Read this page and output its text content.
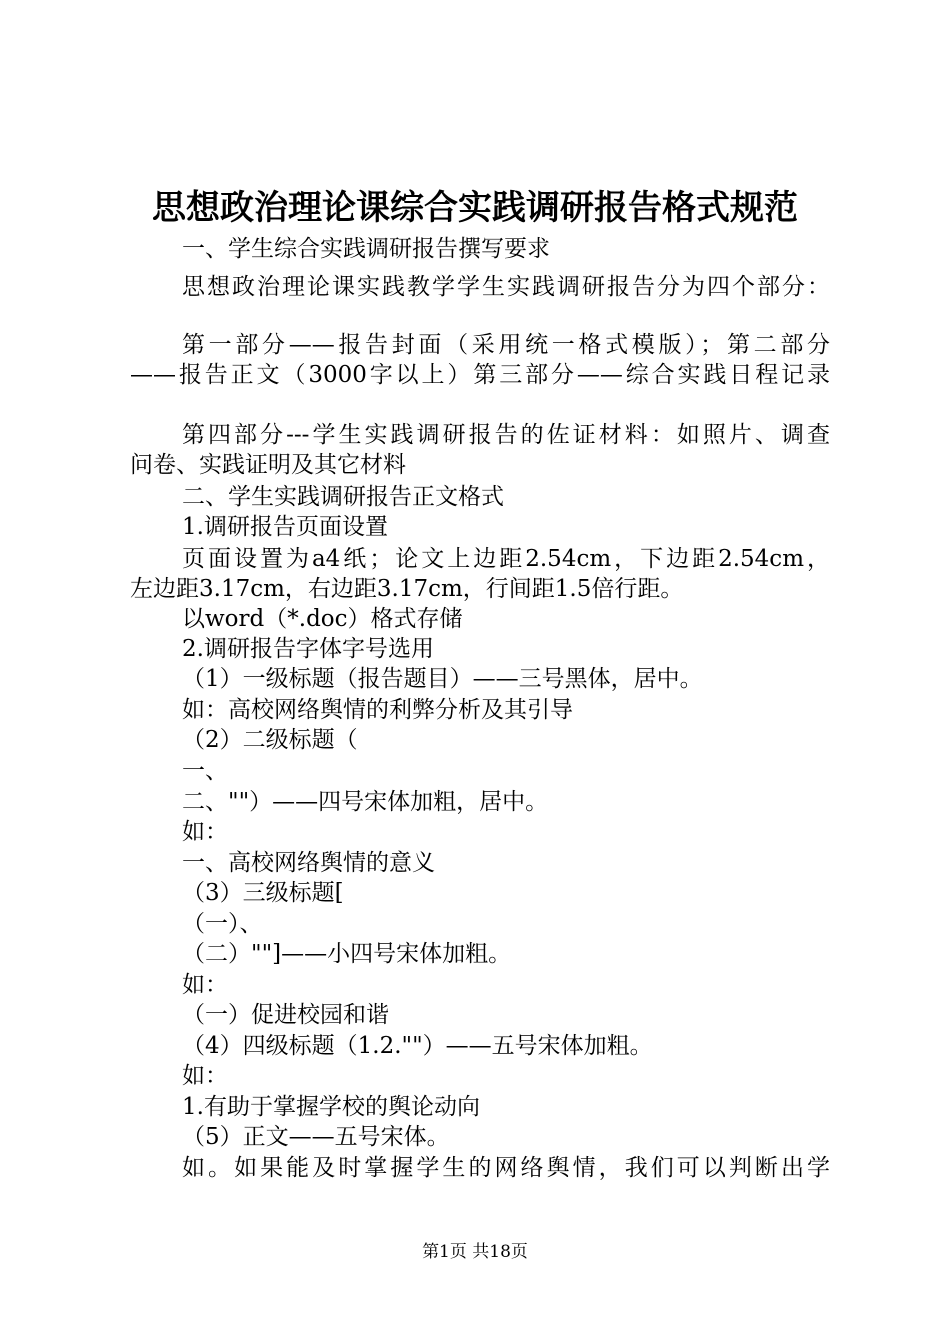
思想政治理论课综合实践调研报告格式规范
一、学生综合实践调研报告撰写要求
思想政治理论课实践教学学生实践调研报告分为四个部分：
第一部分——报告封面（采用统一格式模版）；第二部分
——报告正文（3000字以上）第三部分——综合实践日程记录
第四部分---学生实践调研报告的佐证材料：如照片、调查
问卷、实践证明及其它材料
二、学生实践调研报告正文格式
1.调研报告页面设置
页面设置为a4纸；论文上边距2.54cm，下边距2.54cm，
左边距3.17cm，右边距3.17cm，行间距1.5倍行距。
以word（*.doc）格式存储
2.调研报告字体字号选用
（1）一级标题（报告题目）——三号黑体，居中。
如：高校网络舆情的利弊分析及其引导
（2）二级标题（
一、
二、""）——四号宋体加粗，居中。
如：
一、高校网络舆情的意义
（3）三级标题[
（一）、
（二）""]——小四号宋体加粗。
如：
（一）促进校园和谐
（4）四级标题（1.2.""）——五号宋体加粗。
如：
1.有助于掌握学校的舆论动向
（5）正文——五号宋体。
如。如果能及时掌握学生的网络舆情，我们可以判断出学
第1页 共18页
